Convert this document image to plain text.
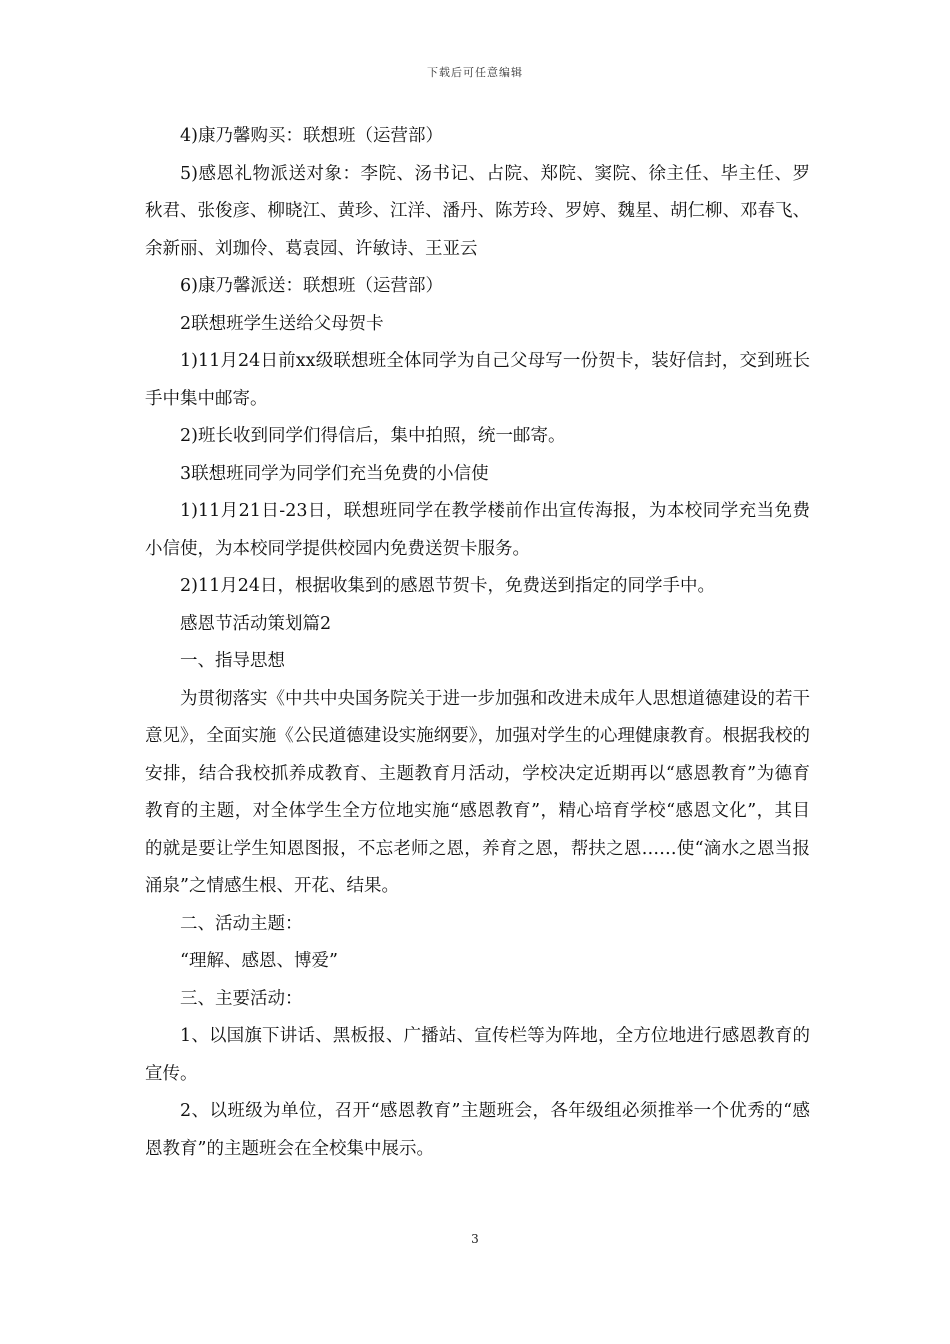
下载后可任意编辑

4)康乃馨购买：联想班（运营部）

5)感恩礼物派送对象：李院、汤书记、占院、郑院、窦院、徐主任、毕主任、罗秋君、张俊彦、柳晓江、黄珍、江洋、潘丹、陈芳玲、罗婷、魏星、胡仁柳、邓春飞、余新丽、刘珈伶、葛袁园、许敏诗、王亚云

6)康乃馨派送：联想班（运营部）

2联想班学生送给父母贺卡

1)11月24日前xx级联想班全体同学为自己父母写一份贺卡，装好信封，交到班长手中集中邮寄。

2)班长收到同学们得信后，集中拍照，统一邮寄。

3联想班同学为同学们充当免费的小信使

1)11月21日-23日，联想班同学在教学楼前作出宣传海报，为本校同学充当免费小信使，为本校同学提供校园内免费送贺卡服务。

2)11月24日，根据收集到的感恩节贺卡，免费送到指定的同学手中。

感恩节活动策划篇2

一、指导思想

为贯彻落实《中共中央国务院关于进一步加强和改进未成年人思想道德建设的若干意见》，全面实施《公民道德建设实施纲要》，加强对学生的心理健康教育。根据我校的安排，结合我校抓养成教育、主题教育月活动，学校决定近期再以“感恩教育”为德育教育的主题，对全体学生全方位地实施“感恩教育”，精心培育学校“感恩文化”，其目的就是要让学生知恩图报，不忘老师之恩，养育之恩，帮扶之恩……使“滴水之恩当报涌泉”之情感生根、开花、结果。

二、活动主题：

“理解、感恩、博爱”

三、主要活动：

1、以国旗下讲话、黑板报、广播站、宣传栏等为阵地，全方位地进行感恩教育的宣传。

2、以班级为单位，召开“感恩教育”主题班会，各年级组必须推举一个优秀的“感恩教育”的主题班会在全校集中展示。

3
